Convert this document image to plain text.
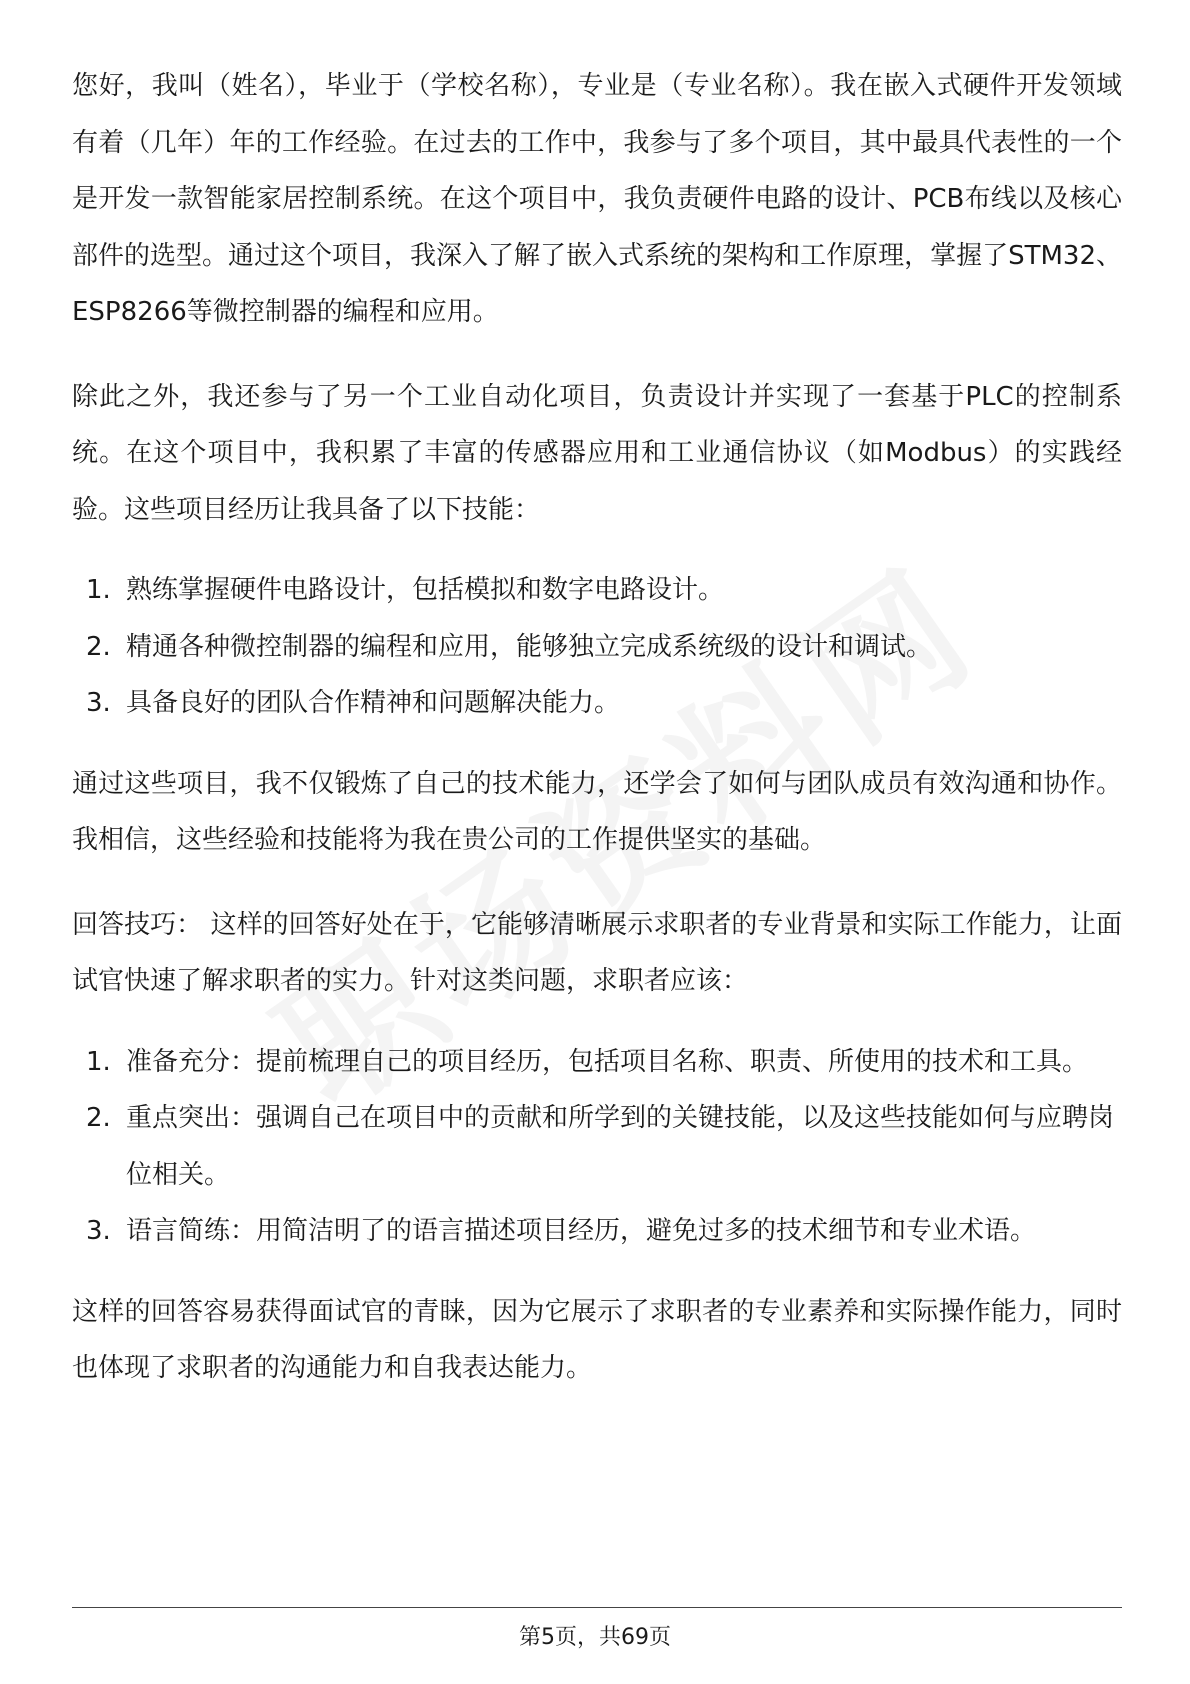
您好，我叫（姓名），毕业于（学校名称），专业是（专业名称）。我在嵌入式硬件开发领域有着（几年）年的工作经验。在过去的工作中，我参与了多个项目，其中最具代表性的一个是开发一款智能家居控制系统。在这个项目中，我负责硬件电路的设计、PCB布线以及核心部件的选型。通过这个项目，我深入了解了嵌入式系统的架构和工作原理，掌握了STM32、ESP8266等微控制器的编程和应用。

除此之外，我还参与了另一个工业自动化项目，负责设计并实现了一套基于PLC的控制系统。在这个项目中，我积累了丰富的传感器应用和工业通信协议（如Modbus）的实践经验。这些项目经历让我具备了以下技能：

1. 熟练掌握硬件电路设计，包括模拟和数字电路设计。
2. 精通各种微控制器的编程和应用，能够独立完成系统级的设计和调试。
3. 具备良好的团队合作精神和问题解决能力。

通过这些项目，我不仅锻炼了自己的技术能力，还学会了如何与团队成员有效沟通和协作。我相信，这些经验和技能将为我在贵公司的工作提供坚实的基础。

回答技巧： 这样的回答好处在于，它能够清晰展示求职者的专业背景和实际工作能力，让面试官快速了解求职者的实力。针对这类问题，求职者应该：

1. 准备充分：提前梳理自己的项目经历，包括项目名称、职责、所使用的技术和工具。
2. 重点突出：强调自己在项目中的贡献和所学到的关键技能，以及这些技能如何与应聘岗位相关。
3. 语言简练：用简洁明了的语言描述项目经历，避免过多的技术细节和专业术语。

这样的回答容易获得面试官的青睐，因为它展示了求职者的专业素养和实际操作能力，同时也体现了求职者的沟通能力和自我表达能力。

第5页，共69页
